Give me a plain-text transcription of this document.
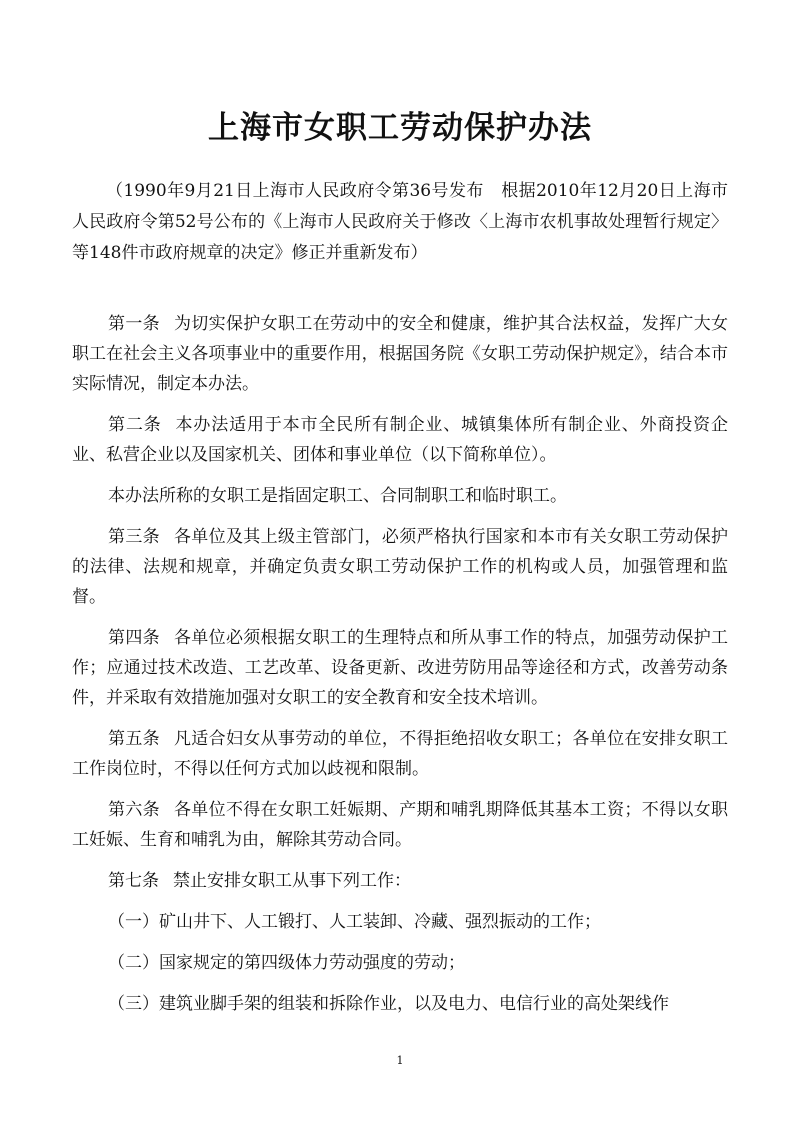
上海市女职工劳动保护办法

（1990年9月21日上海市人民政府令第36号发布　根据2010年12月20日上海市人民政府令第52号公布的《上海市人民政府关于修改〈上海市农机事故处理暂行规定〉等148件市政府规章的决定》修正并重新发布）

第一条 为切实保护女职工在劳动中的安全和健康，维护其合法权益，发挥广大女职工在社会主义各项事业中的重要作用，根据国务院《女职工劳动保护规定》，结合本市实际情况，制定本办法。

第二条 本办法适用于本市全民所有制企业、城镇集体所有制企业、外商投资企业、私营企业以及国家机关、团体和事业单位（以下简称单位）。

本办法所称的女职工是指固定职工、合同制职工和临时职工。

第三条 各单位及其上级主管部门，必须严格执行国家和本市有关女职工劳动保护的法律、法规和规章，并确定负责女职工劳动保护工作的机构或人员，加强管理和监督。

第四条 各单位必须根据女职工的生理特点和所从事工作的特点，加强劳动保护工作；应通过技术改造、工艺改革、设备更新、改进劳防用品等途径和方式，改善劳动条件，并采取有效措施加强对女职工的安全教育和安全技术培训。

第五条 凡适合妇女从事劳动的单位，不得拒绝招收女职工；各单位在安排女职工工作岗位时，不得以任何方式加以歧视和限制。

第六条 各单位不得在女职工妊娠期、产期和哺乳期降低其基本工资；不得以女职工妊娠、生育和哺乳为由，解除其劳动合同。

第七条 禁止安排女职工从事下列工作：

（一）矿山井下、人工锻打、人工装卸、冷藏、强烈振动的工作；

（二）国家规定的第四级体力劳动强度的劳动；

（三）建筑业脚手架的组装和拆除作业，以及电力、电信行业的高处架线作

1
